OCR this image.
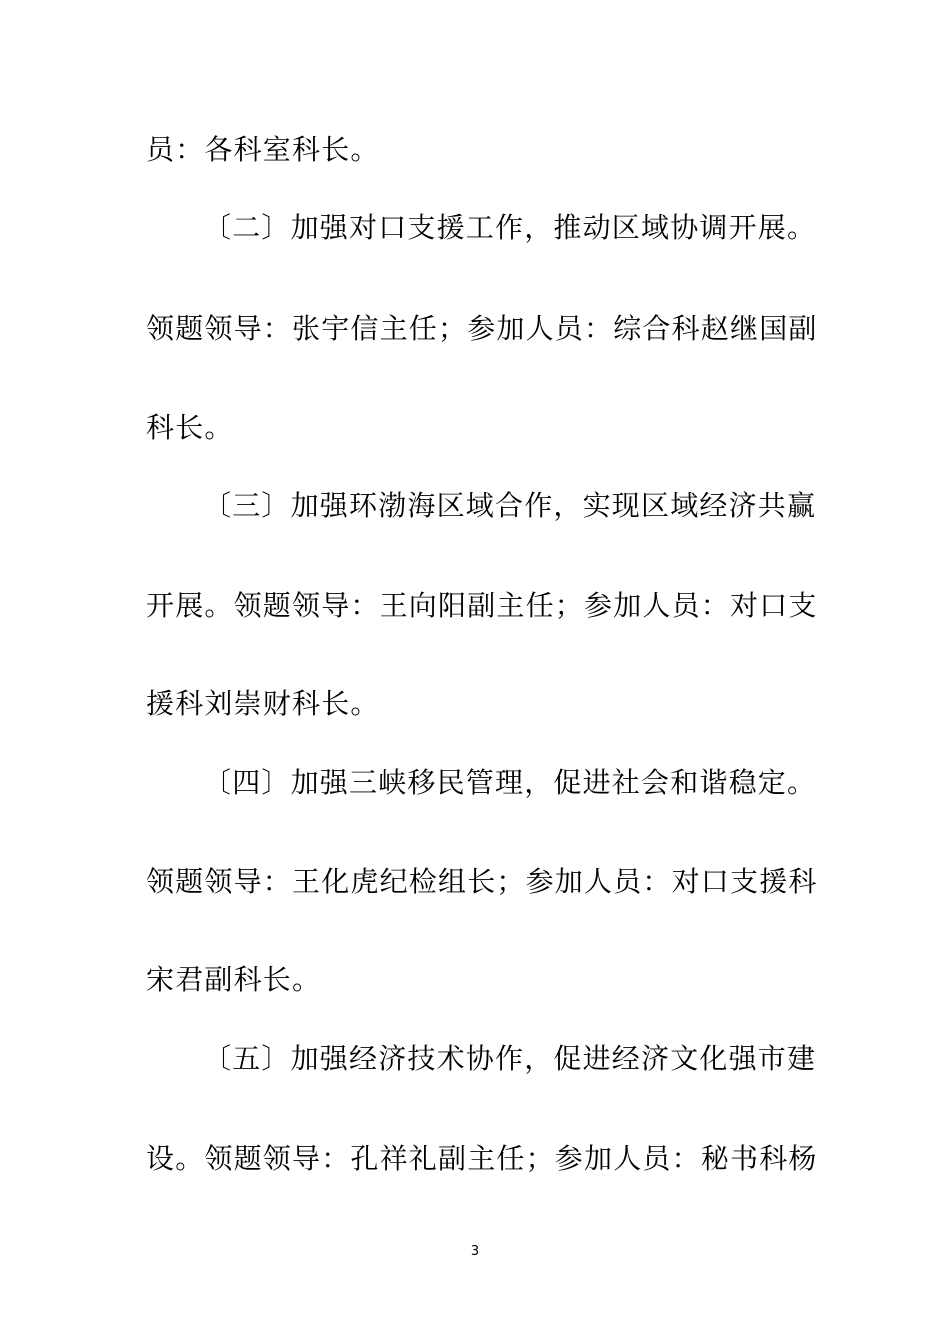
员：各科室科长。
〔二〕加强对口支援工作，推动区域协调开展。
领题领导：张宇信主任；参加人员：综合科赵继国副
科长。
〔三〕加强环渤海区域合作，实现区域经济共赢
开展。领题领导：王向阳副主任；参加人员：对口支
援科刘崇财科长。
〔四〕加强三峡移民管理，促进社会和谐稳定。
领题领导：王化虎纪检组长；参加人员：对口支援科
宋君副科长。
〔五〕加强经济技术协作，促进经济文化强市建
设。领题领导：孔祥礼副主任；参加人员：秘书科杨
3
